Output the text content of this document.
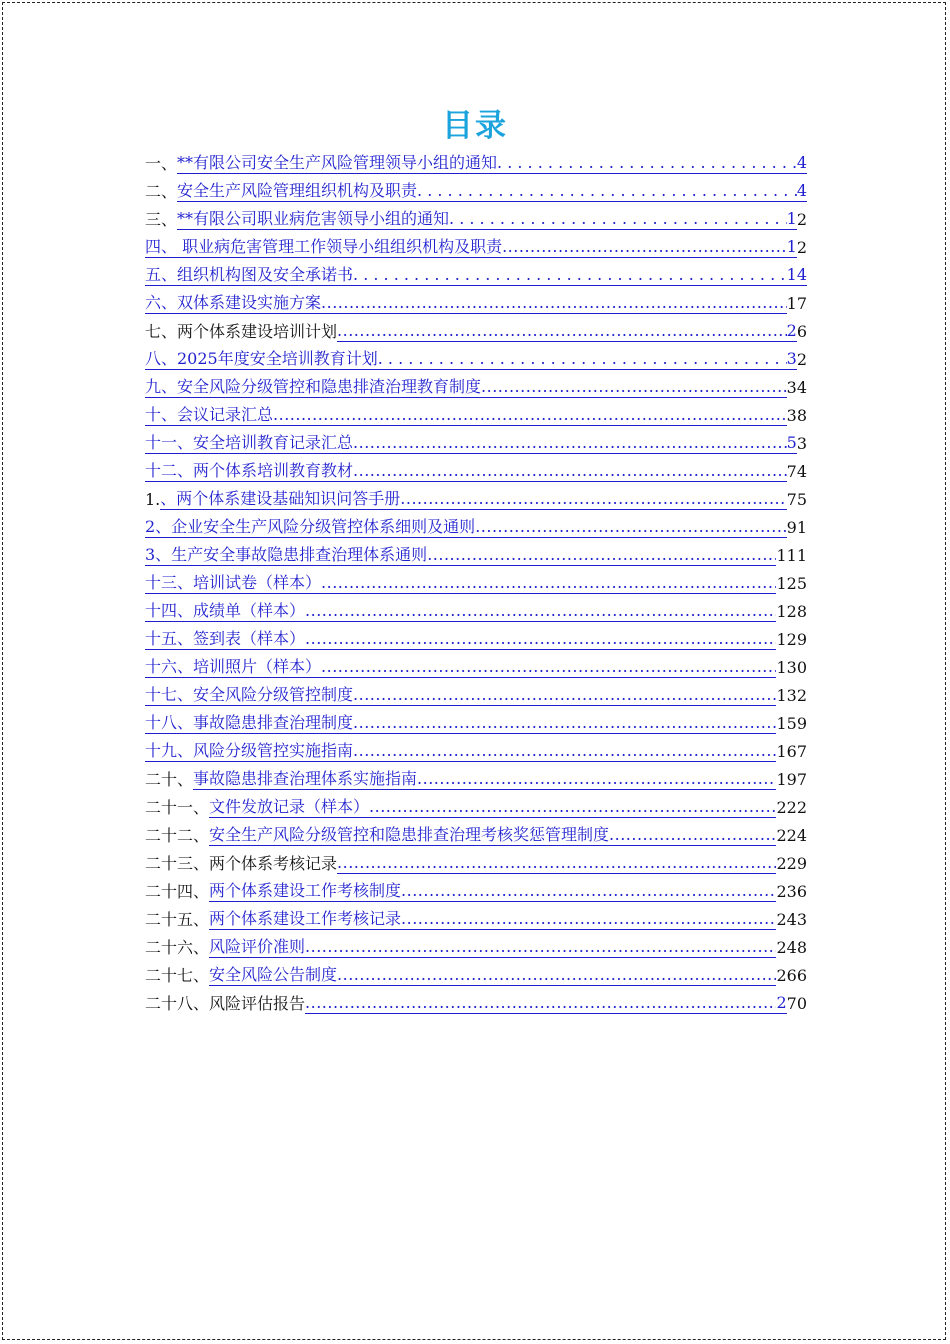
目录
一、 **有限公司安全生产风险管理领导小组的通知 . . .	4
二、 安全生产风险管理组织机构及职责 . . .	4
三、 **有限公司职业病危害领导小组的通知 . . .	1 2
四、 职业病危害管理工作领导小组组织机构及职责 .....	1 2
五、组织机构图及安全承诺书 . . .	14
六、双体系建设实施方案 .....	17
七、两个体系建设培训计划 .....	2 6
八、2025年度安全培训教育计划 . . .	3 2
九、安全风险分级管控和隐患排渣治理教育制度 .....	34
十、会议记录汇总 .....	38
十一、安全培训教育记录汇总 .....	5 3
十二、两个体系培训教育教材 .....	74
1. 、两个体系建设基础知识问答手册 .....	75
2、企业安全生产风险分级管控体系细则及通则 .....	91
3、生产安全事故隐患排查治理体系通则 .....	111
十三、培训试卷（样本） .....	125
十四、成绩单（样本） .....	128
十五、签到表（样本） .....	129
十六、培训照片（样本） .....	130
十七、安全风险分级管控制度 .....	132
十八、事故隐患排查治理制度 .....	159
十九、风险分级管控实施指南 .....	167
二十、 事故隐患排查治理体系实施指南 .....	197
二十一、 文件发放记录（样本） .....	222
二十二、 安全生产风险分级管控和隐患排查治理考核奖惩管理制度 .....	224
二十三、两个体系考核记录 .....	229
二十四、 两个体系建设工作考核制度 .....	236
二十五、 两个体系建设工作考核记录 .....	243
二十六、 风险评价准则 .....	248
二十七、 安全风险公告制度 .....	266
二十八、风险评估报告 .....	2 70
